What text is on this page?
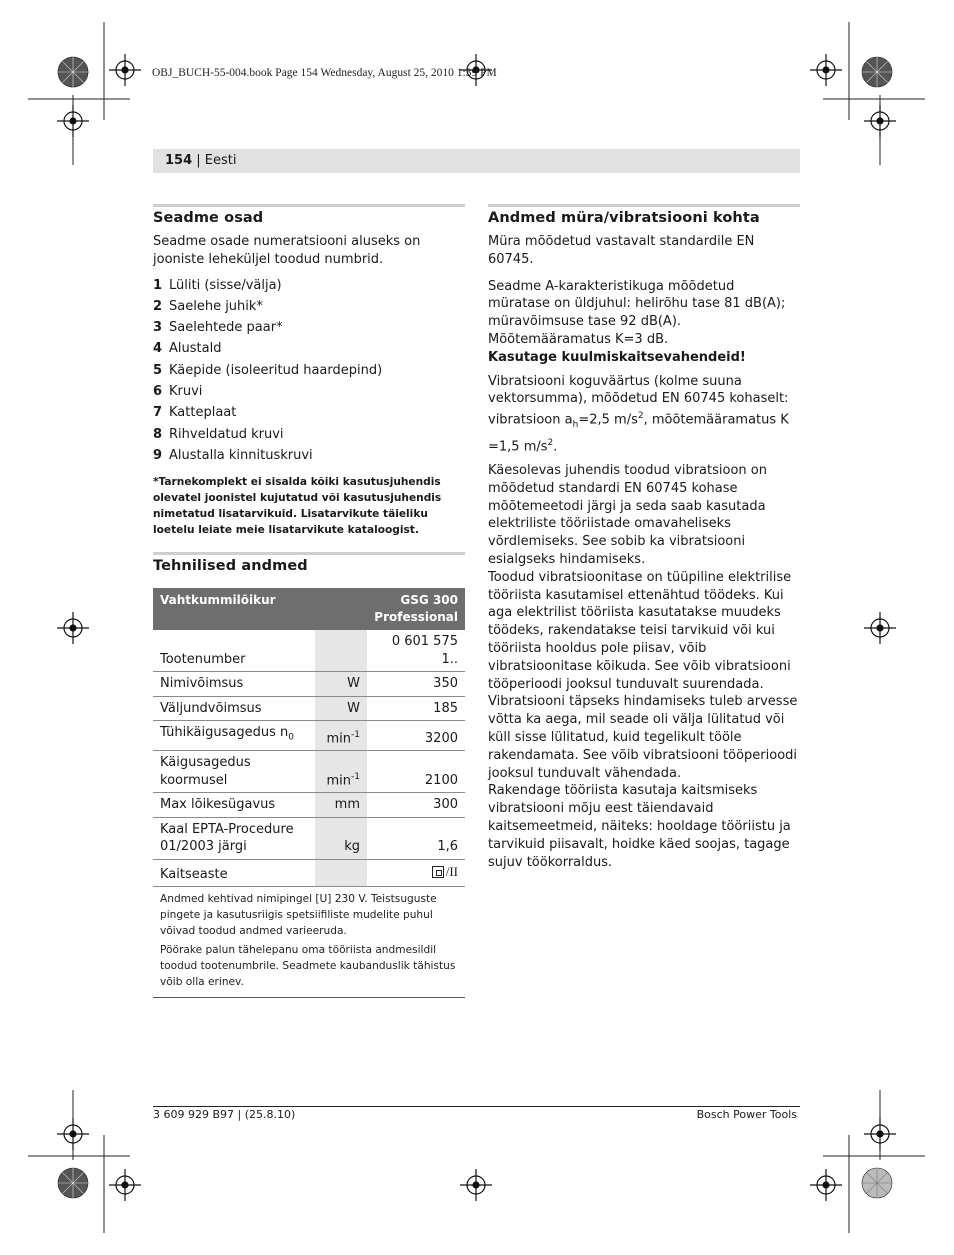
OBJ_BUCH-55-004.book Page 154 Wednesday, August 25, 2010 1:39 PM
154 | Eesti
Seadme osad

Seadme osade numeratsiooni aluseks on jooniste leheküljel toodud numbrid.

1 Lüliti (sisse/välja)
2 Saelehe juhik*
3 Saelehtede paar*
4 Alustald
5 Käepide (isoleeritud haardepind)
6 Kruvi
7 Katteplaat
8 Rihveldatud kruvi
9 Alustalla kinnituskruvi

*Tarnekomplekt ei sisalda kõiki kasutusjuhendis olevatel joonistel kujutatud või kasutusjuhendis nimetatud lisatarvikuid. Lisatarvikute täieliku loetelu leiate meie lisatarvikute kataloogist.

Tehnilised andmed
Vahtkummilõikur		GSG 300
Professional
Tootenumber		0 601 575 1..
Nimivõimsus	W	350
Väljundvõimsus	W	185
Tühikäigusagedus $n_0$	$\min^{-1}$	3200
Käigusagedus
koormusel	$\min^{-1}$	2100
Max lõikesügavus	mm	300
Kaal EPTA-Procedure
01/2003 järgi	kg	1,6
Kaitseaste		/II

Andmed kehtivad nimipingel [U] 230 V. Teistsuguste pingete ja kasutusriigis spetsiifiliste mudelite puhul võivad toodud andmed varieeruda.

Pöörake palun tähelepanu oma tööriista andmesildil toodud tootenumbrile. Seadmete kaubanduslik tähistus võib olla erinev.

Andmed müra/vibratsiooni kohta

Müra mõõdetud vastavalt standardile EN 60745.

Seadme A-karakteristikuga mõõdetud müratase on üldjuhul: helirõhu tase 81 dB(A); müravõimsuse tase 92 dB(A). Mõõtemääramatus K=3 dB.
Kasutage kuulmiskaitsevahendeid!

Vibratsiooni koguväärtus (kolme suuna vektorsumma), mõõdetud EN 60745 kohaselt: vibratsioon $a_h=2,5$ $m/s^2$, mõõtemääramatus K =1,5 $m/s^2$.

Käesolevas juhendis toodud vibratsioon on mõõdetud standardi EN 60745 kohase mõõtemeetodi järgi ja seda saab kasutada elektriliste tööriistade omavaheliseks võrdlemiseks. See sobib ka vibratsiooni esialgseks hindamiseks.

Toodud vibratsioonitase on tüüpiline elektrilise tööriista kasutamisel ettenähtud töödeks. Kui aga elektrilist tööriista kasutatakse muudeks töödeks, rakendatakse teisi tarvikuid või kui tööriista hooldus pole piisav, võib vibratsioonitase kõikuda. See võib vibratsiooni tööperioodi jooksul tunduvalt suurendada.

Vibratsiooni täpseks hindamiseks tuleb arvesse võtta ka aega, mil seade oli välja lülitatud või küll sisse lülitatud, kuid tegelikult tööle rakendamata. See võib vibratsiooni tööperioodi jooksul tunduvalt vähendada.

Rakendage tööriista kasutaja kaitsmiseks vibratsiooni mõju eest täiendavaid kaitsemeetmeid, näiteks: hooldage tööriistu ja tarvikuid piisavalt, hoidke käed soojas, tagage sujuv töökorraldus.

3 609 929 B97 | (25.8.10)	Bosch Power Tools
